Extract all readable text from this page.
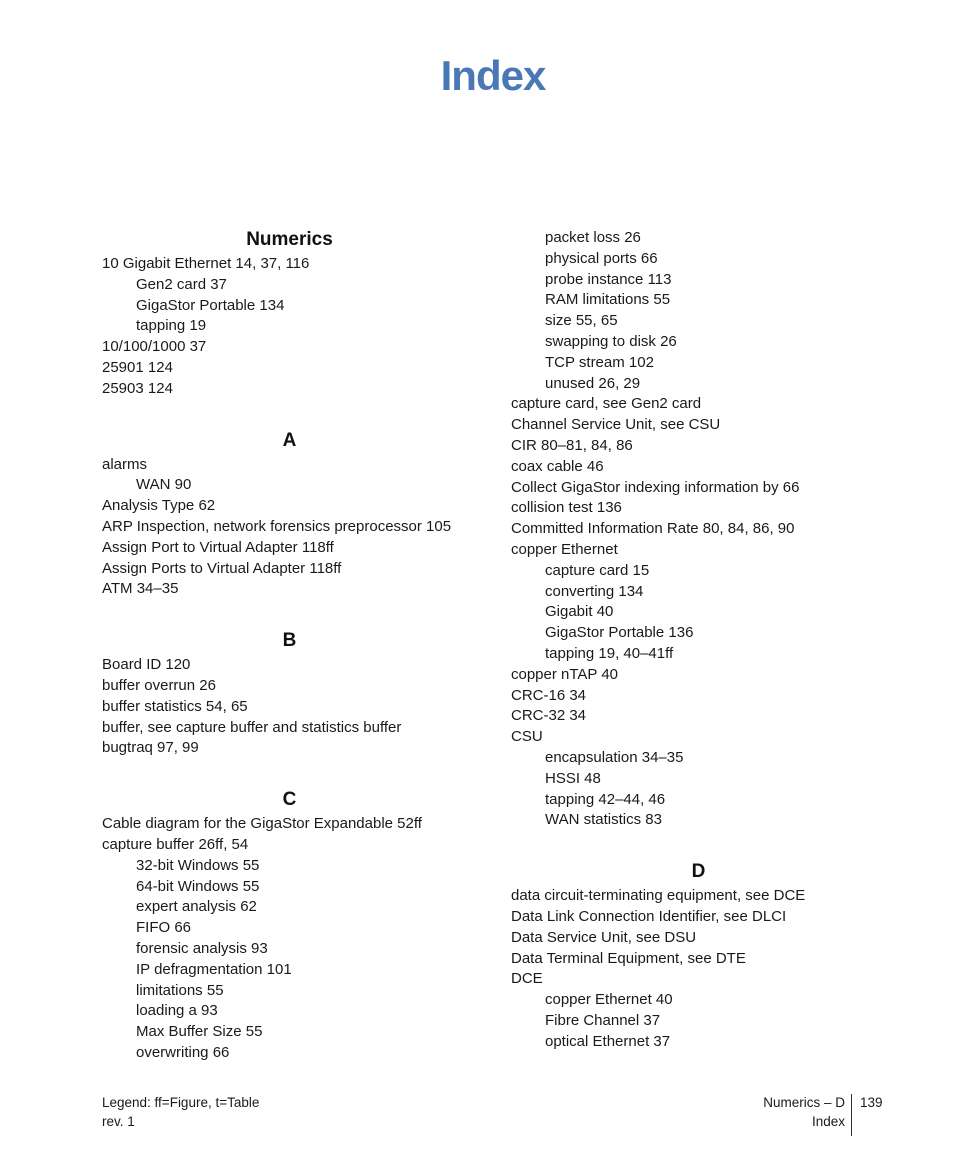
Index
Numerics
10 Gigabit Ethernet 14, 37, 116
Gen2 card 37
GigaStor Portable 134
tapping 19
10/100/1000 37
25901 124
25903 124
A
alarms
WAN 90
Analysis Type 62
ARP Inspection, network forensics preprocessor 105
Assign Port to Virtual Adapter 118ff
Assign Ports to Virtual Adapter 118ff
ATM 34–35
B
Board ID 120
buffer overrun 26
buffer statistics 54, 65
buffer, see capture buffer and statistics buffer
bugtraq 97, 99
C
Cable diagram for the GigaStor Expandable 52ff
capture buffer 26ff, 54
32-bit Windows 55
64-bit Windows 55
expert analysis 62
FIFO 66
forensic analysis 93
IP defragmentation 101
limitations 55
loading a 93
Max Buffer Size 55
overwriting 66
packet loss 26
physical ports 66
probe instance 113
RAM limitations 55
size 55, 65
swapping to disk 26
TCP stream 102
unused 26, 29
capture card, see Gen2 card
Channel Service Unit, see CSU
CIR 80–81, 84, 86
coax cable 46
Collect GigaStor indexing information by 66
collision test 136
Committed Information Rate 80, 84, 86, 90
copper Ethernet
capture card 15
converting 134
Gigabit 40
GigaStor Portable 136
tapping 19, 40–41ff
copper nTAP 40
CRC-16 34
CRC-32 34
CSU
encapsulation 34–35
HSSI 48
tapping 42–44, 46
WAN statistics 83
D
data circuit-terminating equipment, see DCE
Data Link Connection Identifier, see DLCI
Data Service Unit, see DSU
Data Terminal Equipment, see DTE
DCE
copper Ethernet 40
Fibre Channel 37
optical Ethernet 37
Legend: ff=Figure, t=Table
rev. 1
Numerics – D
Index
139
